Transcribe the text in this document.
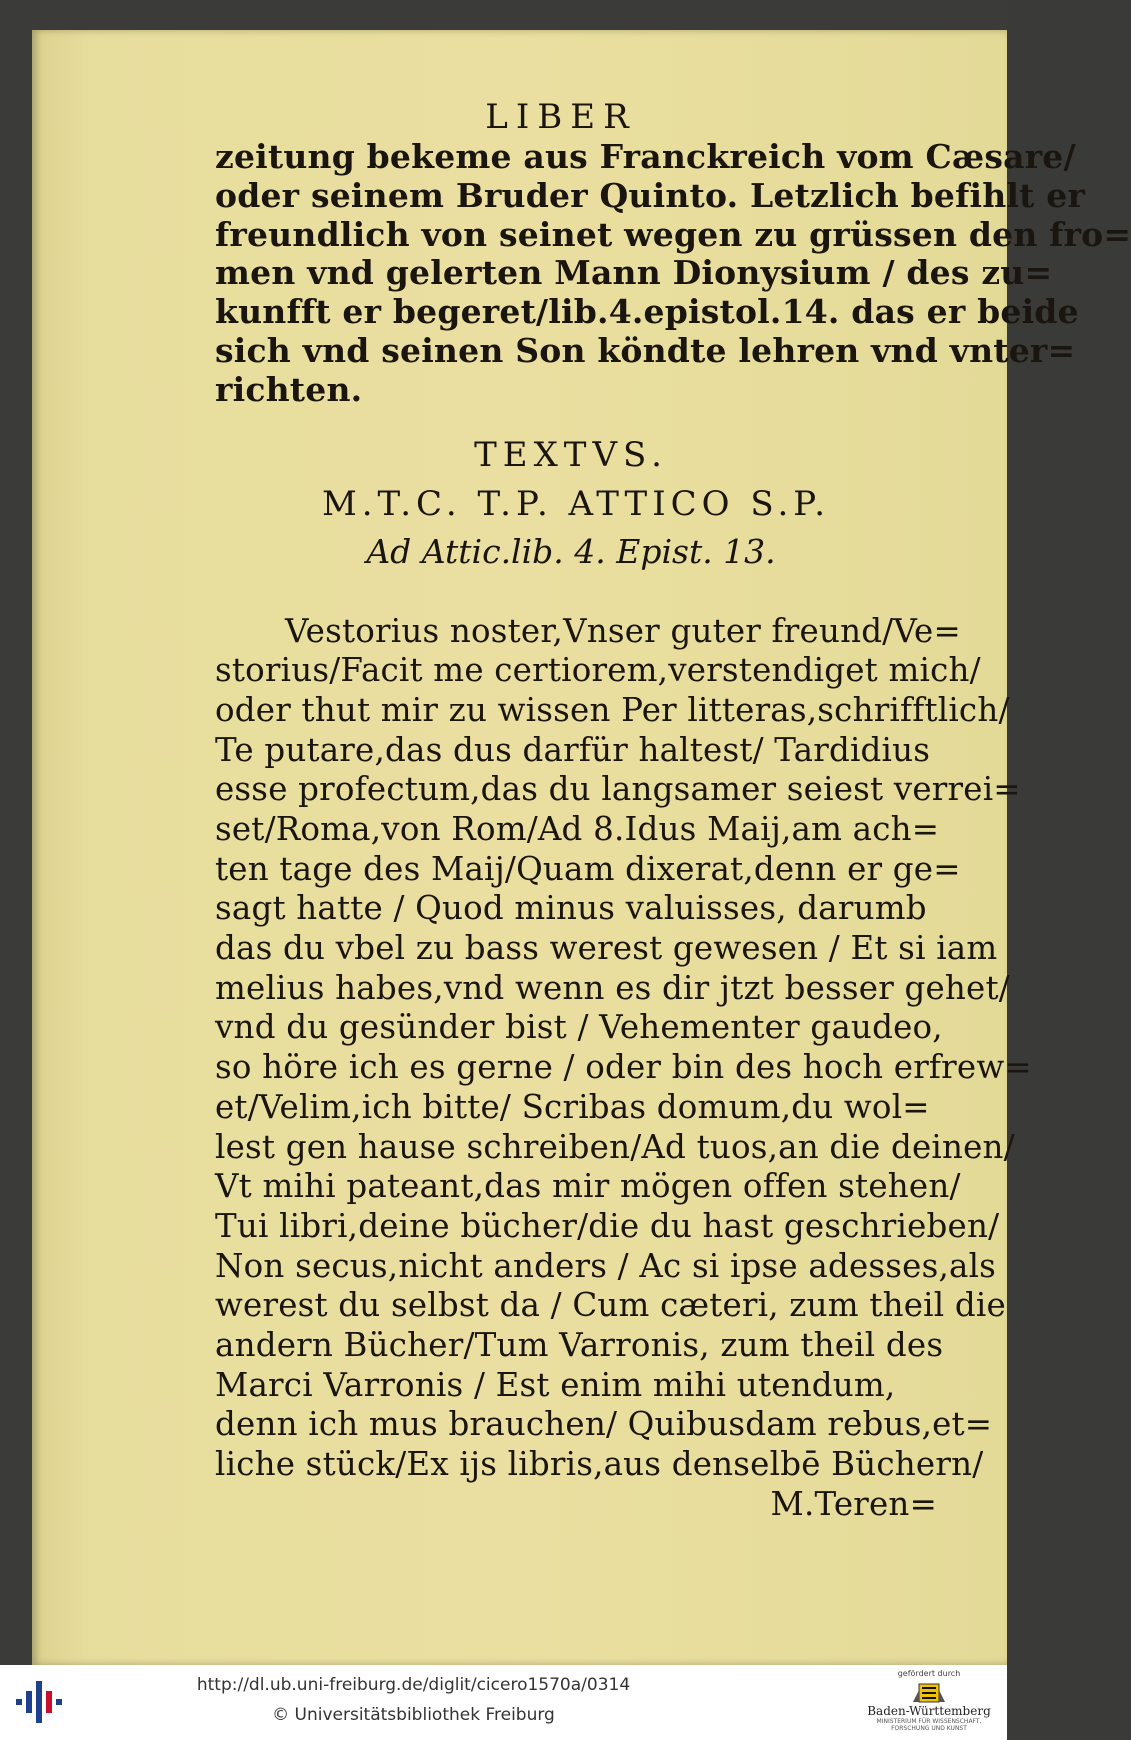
LIBER
zeitung bekeme aus Franckreich vom Cæsare/
oder seinem Bruder Quinto. Letzlich befihlt er
freundlich von seinet wegen zu grüssen den fro=
men vnd gelerten Mann Dionysium / des zu=
kunfft er begeret/lib.4.epistol.14. das er beide
sich vnd seinen Son köndte lehren vnd vnter=
richten.
TEXTVS.
M.T.C. T.P. ATTICO S.P.
Ad Attic.lib. 4. Epist. 13.
Vestorius noster,Vnser guter freund/Ve=
storius/Facit me certiorem,verstendiget mich/
oder thut mir zu wissen Per litteras,schrifftlich/
Te putare,das dus darfür haltest/ Tardidius
esse profectum,das du langsamer seiest verrei=
set/Roma,von Rom/Ad 8.Idus Maij,am ach=
ten tage des Maij/Quam dixerat,denn er ge=
sagt hatte / Quod minus valuisses, darumb
das du vbel zu bass werest gewesen / Et si iam
melius habes,vnd wenn es dir jtzt besser gehet/
vnd du gesünder bist / Vehementer gaudeo,
so höre ich es gerne / oder bin des hoch erfrew=
et/Velim,ich bitte/ Scribas domum,du wol=
lest gen hause schreiben/Ad tuos,an die deinen/
Vt mihi pateant,das mir mögen offen stehen/
Tui libri,deine bücher/die du hast geschrieben/
Non secus,nicht anders / Ac si ipse adesses,als
werest du selbst da / Cum cæteri, zum theil die
andern Bücher/Tum Varronis, zum theil des
Marci Varronis / Est enim mihi utendum,
denn ich mus brauchen/ Quibusdam rebus,et=
liche stück/Ex ijs libris,aus denselbē Büchern/
M.Teren=
http://dl.ub.uni-freiburg.de/diglit/cicero1570a/0314
© Universitätsbibliothek Freiburg
gefördert durch
Baden-Württemberg
MINISTERIUM FÜR WISSENSCHAFT, FORSCHUNG UND KUNST
